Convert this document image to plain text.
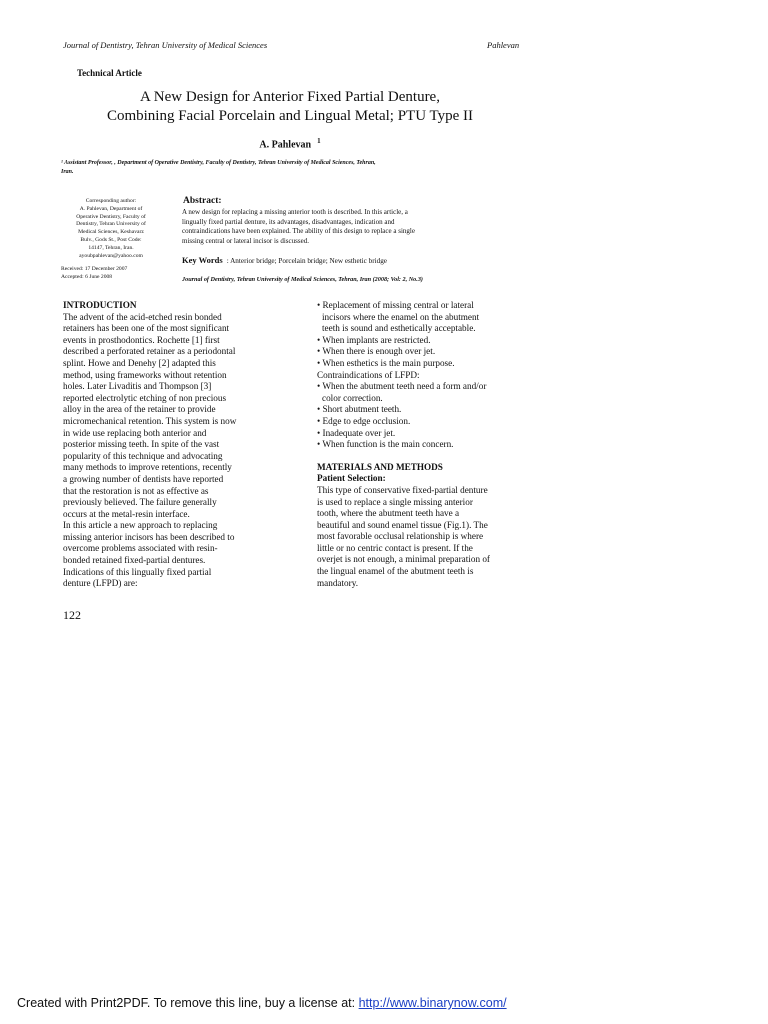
Journal of Dentistry, Tehran University of Medical Sciences	Pahlevan
Technical Article
A New Design for Anterior Fixed Partial Denture,
Combining Facial Porcelain and Lingual Metal; PTU Type II
A. Pahlevan $^1$
¹ Assistant Professor, , Department of Operative Dentistry, Faculty of Dentistry, Tehran University of Medical Sciences, Tehran,
Iran.
Corresponding author:
A. Pahlevan, Department of
Operative Dentistry, Faculty of
Dentistry, Tehran University of
Medical Sciences, Keshavarz
Bulv., Gods St., Post Code:
14147, Tehran, Iran.
ayoubpahlevan@yahoo.com
Received: 17 December 2007
Accepted: 6 June 2008
Abstract:
A new design for replacing a missing anterior tooth is described. In this article, a
lingually fixed partial denture, its advantages, disadvantages, indication and
contraindications have been explained. The ability of this design to replace a single
missing central or lateral incisor is discussed.
Key Words : Anterior bridge; Porcelain bridge; New esthetic bridge
Journal of Dentistry, Tehran University of Medical Sciences, Tehran, Iran (2008; Vol: 2, No.3)
INTRODUCTION
The advent of the acid-etched resin bonded
retainers has been one of the most significant
events in prosthodontics. Rochette [1] first
described a perforated retainer as a periodontal
splint. Howe and Denehy [2] adapted this
method, using frameworks without retention
holes. Later Livaditis and Thompson [3]
reported electrolytic etching of non precious
alloy in the area of the retainer to provide
micromechanical retention. This system is now
in wide use replacing both anterior and
posterior missing teeth. In spite of the vast
popularity of this technique and advocating
many methods to improve retentions, recently
a growing number of dentists have reported
that the restoration is not as effective as
previously believed. The failure generally
occurs at the metal-resin interface.
In this article a new approach to replacing
missing anterior incisors has been described to
overcome problems associated with resin-
bonded retained fixed-partial dentures.
Indications of this lingually fixed partial
denture (LFPD) are:
• Replacement of missing central or lateral
incisors where the enamel on the abutment
teeth is sound and esthetically acceptable.
• When implants are restricted.
• When there is enough over jet.
• When esthetics is the main purpose.
Contraindications of LFPD:
• When the abutment teeth need a form and/or
color correction.
• Short abutment teeth.
• Edge to edge occlusion.
• Inadequate over jet.
• When function is the main concern.
MATERIALS AND METHODS
Patient Selection:
This type of conservative fixed-partial denture
is used to replace a single missing anterior
tooth, where the abutment teeth have a
beautiful and sound enamel tissue (Fig.1). The
most favorable occlusal relationship is where
little or no centric contact is present. If the
overjet is not enough, a minimal preparation of
the lingual enamel of the abutment teeth is
mandatory.
122
Created with Print2PDF. To remove this line, buy a license at: http://www.binarynow.com/
